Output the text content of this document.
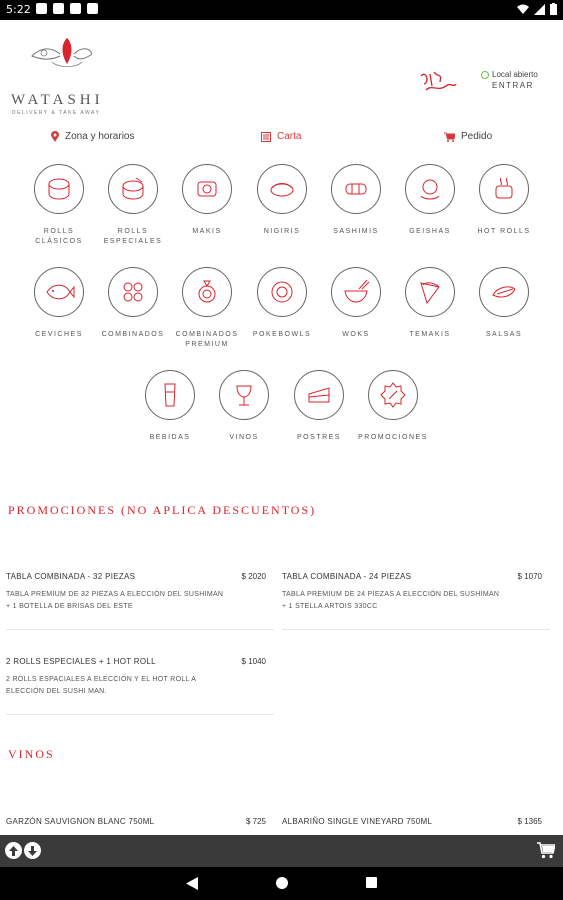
5:22
WATASHI
DELIVERY & TAKE AWAY
Local abierto
ENTRAR
Zona y horarios	Carta	Pedido
ROLLS CLÁSICOS
ROLLS ESPECIALES
MAKIS	NIGIRIS	SASHIMIS	GEISHAS	HOT ROLLS
CEVICHES	COMBINADOS	COMBINADOS PREMIUM
POKEBOWLS	WOKS	TEMAKIS	SALSAS
BEBIDAS	VINOS	POSTRES	PROMOCIONES
PROMOCIONES (NO APLICA DESCUENTOS)
TABLA COMBINADA - 32 PIEZAS	$ 2020
TABLA PREMIUM DE 32 PIEZAS A ELECCIÓN DEL SUSHIMAN + 1 BOTELLA DE BRISAS DEL ESTE
TABLA COMBINADA - 24 PIEZAS	$ 1070
TABLA PREMIUM DE 24 PIEZAS A ELECCIÓN DEL SUSHIMAN + 1 STELLA ARTOIS 330CC
2 ROLLS ESPECIALES + 1 HOT ROLL	$ 1040
2 ROLLS ESPACIALES A ELECCIÓN Y EL HOT ROLL A ELECCIÓN DEL SUSHI MAN.
VINOS
GARZÓN SAUVIGNON BLANC 750ML	$ 725 ALBARIÑO SINGLE VINEYARD 750ML	$ 1365
